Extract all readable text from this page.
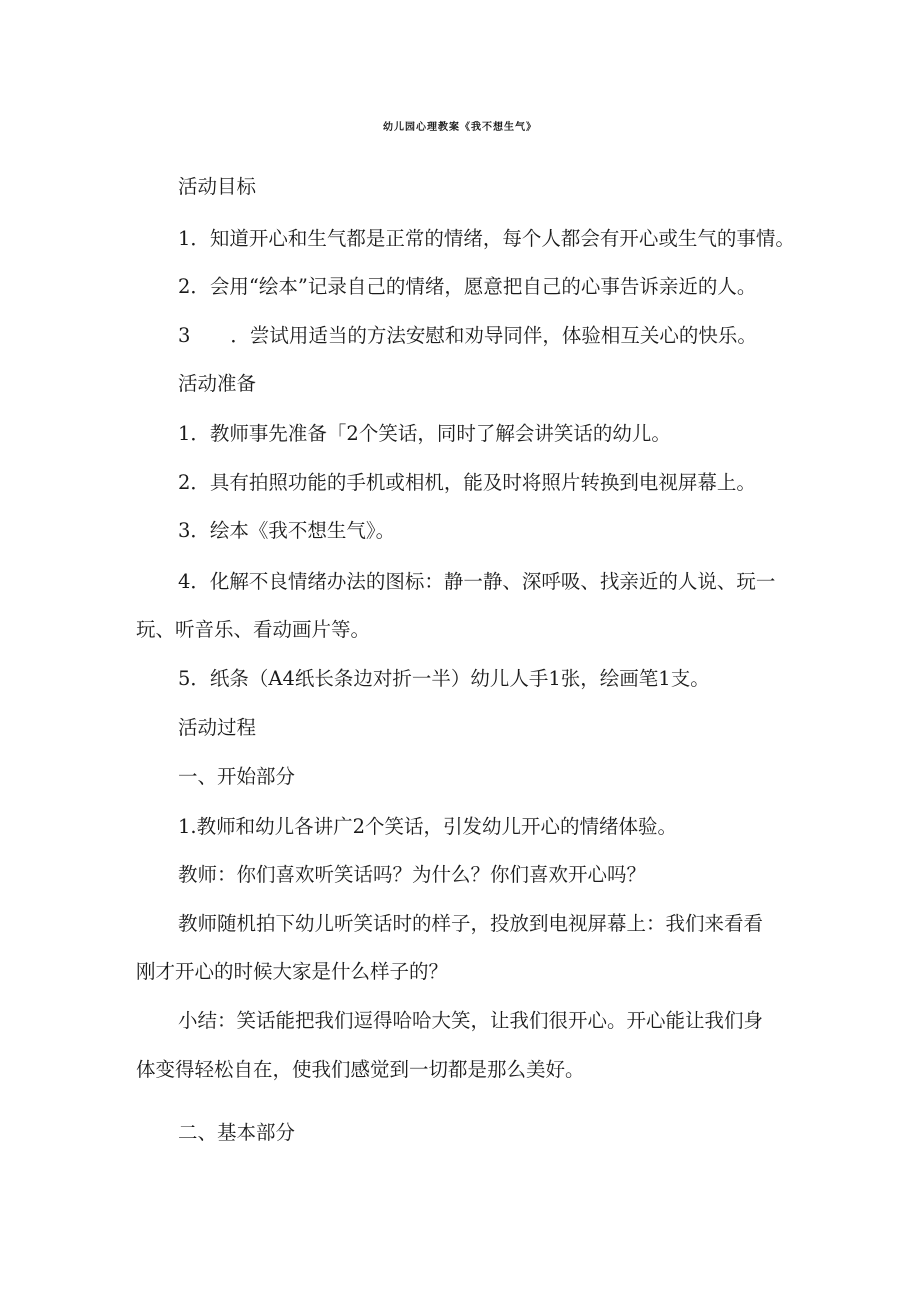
幼儿园心理教案《我不想生气》
活动目标
1．知道开心和生气都是正常的情绪，每个人都会有开心或生气的事情。
2．会用“绘本”记录自己的情绪，愿意把自己的心事告诉亲近的人。
3 ．尝试用适当的方法安慰和劝导同伴，体验相互关心的快乐。
活动准备
1．教师事先准备「2个笑话，同时了解会讲笑话的幼儿。
2．具有拍照功能的手机或相机，能及时将照片转换到电视屏幕上。
3．绘本《我不想生气》。
4．化解不良情绪办法的图标：静一静、深呼吸、找亲近的人说、玩一
玩、听音乐、看动画片等。
5．纸条（A4纸长条边对折一半）幼儿人手1张，绘画笔1支。
活动过程
一、开始部分
1.教师和幼儿各讲广2个笑话，引发幼儿开心的情绪体验。
教师：你们喜欢听笑话吗？为什么？你们喜欢开心吗？
教师随机拍下幼儿听笑话时的样子，投放到电视屏幕上：我们来看看
刚才开心的时候大家是什么样子的？
小结：笑话能把我们逗得哈哈大笑，让我们很开心。开心能让我们身
体变得轻松自在，使我们感觉到一切都是那么美好。
二、基本部分
